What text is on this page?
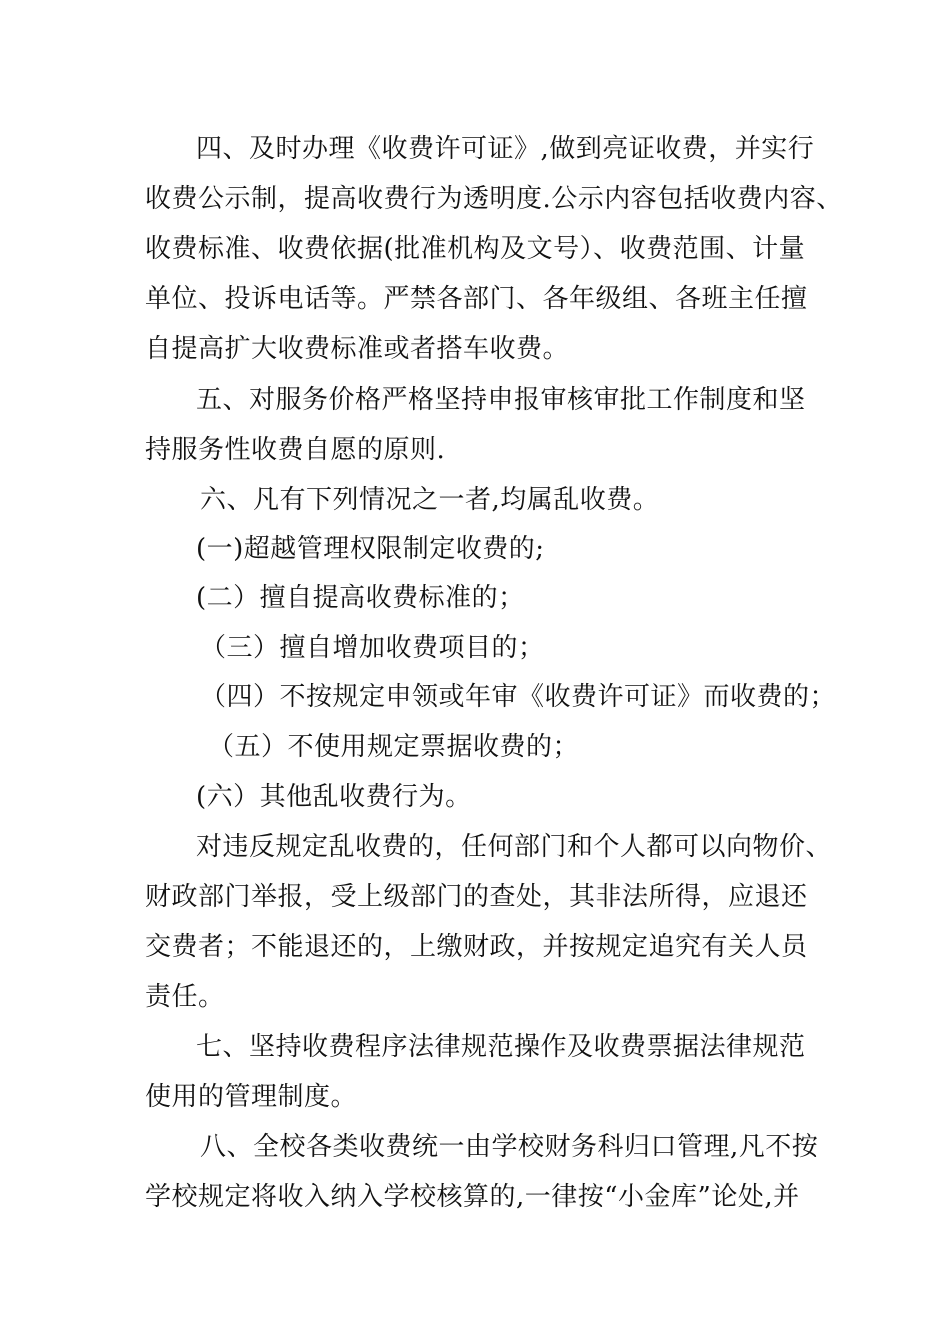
四、及时办理《收费许可证》,做到亮证收费，并实行
收费公示制，提高收费行为透明度.公示内容包括收费内容、
收费标准、收费依据(批准机构及文号）、收费范围、计量
单位、投诉电话等。严禁各部门、各年级组、各班主任擅
自提高扩大收费标准或者搭车收费。
五、对服务价格严格坚持申报审核审批工作制度和坚
持服务性收费自愿的原则.
六、凡有下列情况之一者,均属乱收费。
(一)超越管理权限制定收费的;
(二）擅自提高收费标准的；
（三）擅自增加收费项目的；
（四）不按规定申领或年审《收费许可证》而收费的；
（五）不使用规定票据收费的；
(六）其他乱收费行为。
对违反规定乱收费的，任何部门和个人都可以向物价、
财政部门举报，受上级部门的查处，其非法所得，应退还
交费者；不能退还的，上缴财政，并按规定追究有关人员
责任。
七、坚持收费程序法律规范操作及收费票据法律规范
使用的管理制度。
八、全校各类收费统一由学校财务科归口管理,凡不按
学校规定将收入纳入学校核算的,一律按“小金库”论处,并
